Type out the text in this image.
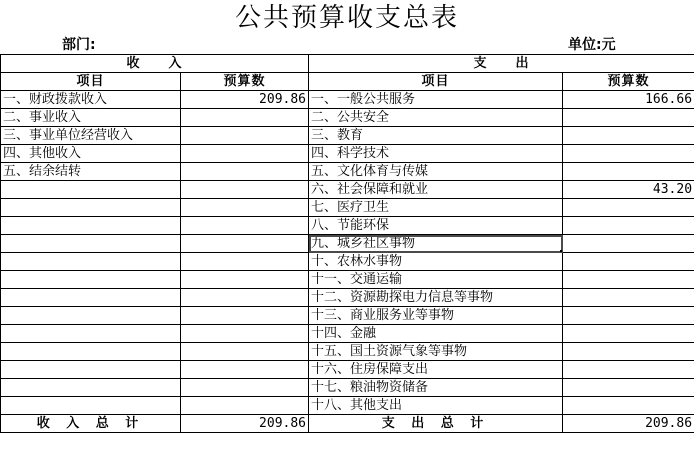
公共预算收支总表
部门:	单位:元
收　　入		支　　出	
项目	预算数	项目	预算数
一、财政拨款收入	209.86	一、一般公共服务	166.66
二、事业收入		二、公共安全	
三、事业单位经营收入		三、教育	
四、其他收入		四、科学技术	
五、结余结转		五、文化体育与传媒	
		六、社会保障和就业	43.20
		七、医疗卫生	
		八、节能环保	
		九、城乡社区事物

		十、农林水事物	
		十一、交通运输	
		十二、资源勘探电力信息等事物	
		十三、商业服务业等事物	
		十四、金融	
		十五、国土资源气象等事物	
		十六、住房保障支出	
		十七、粮油物资储备	
		十八、其他支出	
收 入 总 计	209.86	支 出 总 计	209.86
